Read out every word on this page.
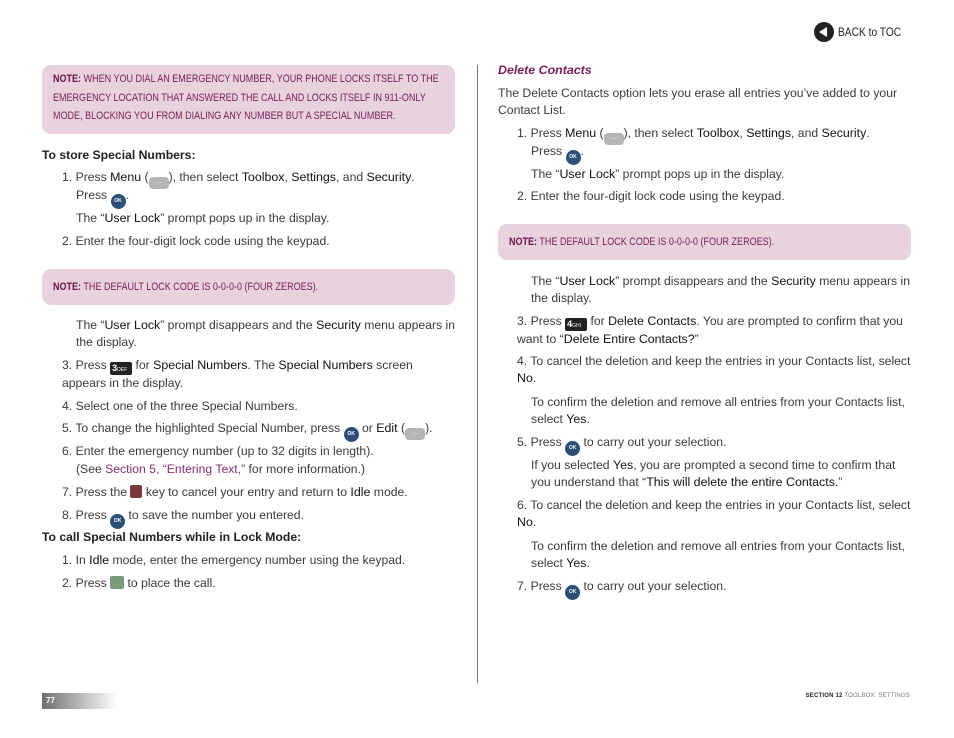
BACK to TOC
NOTE: WHEN YOU DIAL AN EMERGENCY NUMBER, YOUR PHONE LOCKS ITSELF TO THE EMERGENCY LOCATION THAT ANSWERED THE CALL AND LOCKS ITSELF IN 911-ONLY MODE, BLOCKING YOU FROM DIALING ANY NUMBER BUT A SPECIAL NUMBER.
To store Special Numbers:
1. Press Menu ( … ), then select Toolbox, Settings, and Security.
Press OK .
The “User Lock” prompt pops up in the display.
2. Enter the four-digit lock code using the keypad.
NOTE: THE DEFAULT LOCK CODE IS 0-0-0-0 (FOUR ZEROES).
The “User Lock” prompt disappears and the Security menu appears in the display.
3. Press 3DEF for Special Numbers. The Special Numbers screen appears in the display.
4. Select one of the three Special Numbers.
5. To change the highlighted Special Number, press OK or Edit ( … ).
6. Enter the emergency number (up to 32 digits in length).
(See Section 5, “Entering Text,” for more information.)
7. Press the  key to cancel your entry and return to Idle mode.
8. Press OK to save the number you entered.
To call Special Numbers while in Lock Mode:
1. In Idle mode, enter the emergency number using the keypad.
2. Press  to place the call.
Delete Contacts
The Delete Contacts option lets you erase all entries you’ve added to your Contact List.
1. Press Menu ( … ), then select Toolbox, Settings, and Security.
Press OK .
The “User Lock” prompt pops up in the display.
2. Enter the four-digit lock code using the keypad.
NOTE: THE DEFAULT LOCK CODE IS 0-0-0-0 (FOUR ZEROES).
The “User Lock” prompt disappears and the Security menu appears in the display.
3. Press 4GHI for Delete Contacts. You are prompted to confirm that you want to “Delete Entire Contacts?”
4. To cancel the deletion and keep the entries in your Contacts list, select No.
To confirm the deletion and remove all entries from your Contacts list, select Yes.
5. Press OK to carry out your selection.
If you selected Yes, you are prompted a second time to confirm that you understand that “This will delete the entire Contacts.”
6. To cancel the deletion and keep the entries in your Contacts list, select No.
To confirm the deletion and remove all entries from your Contacts list, select Yes.
7. Press OK to carry out your selection.
77	SECTION 12 TOOLBOX: SETTINGS
